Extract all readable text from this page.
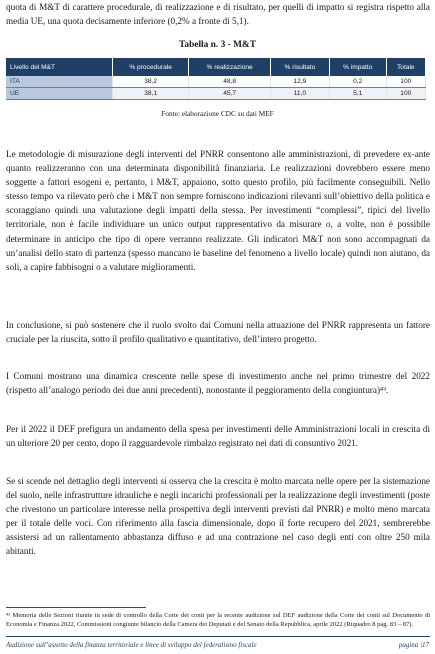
quota di M&T di carattere procedurale, di realizzazione e di risultato, per quelli di impatto si registra rispetto alla media UE, una quota decisamente inferiore (0,2% a fronte di 5,1).

Tabella n. 3 - M&T
Livello del M&T	% procedurale	% realizzazione	% risultato	% impatto	Totale
ITA	38,2	48,8	12,9	0,2	100
UE	38,1	45,7	11,0	5,1	100
Fonte: elaborazione CDC su dati MEF

Le metodologie di misurazione degli interventi del PNRR consentono alle amministrazioni, di prevedere ex-ante quanto realizzeranno con una determinata disponibilità finanziaria. Le realizzazioni dovrebbero essere meno soggette a fattori esogeni e, pertanto, i M&T, appaiono, sotto questo profilo, più facilmente conseguibili. Nello stesso tempo va rilevato però che i M&T non sempre forniscono indicazioni rilevanti sull’obiettivo della politica e scoraggiano quindi una valutazione degli impatti della stessa. Per investimenti “complessi”, tipici del livello territoriale, non è facile individuare un unico output rappresentativo da misurare o, a volte, non è possibile determinare in anticipo che tipo di opere verranno realizzate. Gli indicatori M&T non sono accompagnati da un’analisi dello stato di partenza (spesso mancano le baseline del fenomeno a livello locale) quindi non aiutano, da soli, a capire fabbisogni o a valutare miglioramenti.

In conclusione, si può sostenere che il ruolo svolto dai Comuni nella attuazione del PNRR rappresenta un fattore cruciale per la riuscita, sotto il profilo qualitativo e quantitativo, dell’intero progetto.

I Comuni mostrano una dinamica crescente nelle spese di investimento anche nel primo trimestre del 2022 (rispetto all’analogo periodo dei due anni precedenti), nonostante il peggioramento della congiuntura)⁴³.

Per il 2022 il DEF prefigura un andamento della spesa per investimenti delle Amministrazioni locali in crescita di un ulteriore 20 per cento, dopo il ragguardevole rimbalzo registrato nei dati di consuntivo 2021.

Se si scende nel dettaglio degli interventi si osserva che la crescita è molto marcata nelle opere per la sistemazione del suolo, nelle infrastrutture idrauliche e negli incarichi professionali per la realizzazione degli investimenti (poste che rivestono un particolare interesse nella prospettiva degli interventi previsti dal PNRR) e molto meno marcata per il totale delle voci. Con riferimento alla fascia dimensionale, dopo il forte recupero del 2021, sembrerebbe assistersi ad un rallentamento abbastanza diffuso e ad una contrazione nel caso degli enti con oltre 250 mila abitanti.

⁴³ Memoria delle Sezioni riunite in sede di controllo della Corte dei conti per la recente audizione sul DEF audizione della Corte dei conti sul Documento di Economia e Finanza 2022, Commissioni congiunte bilancio della Camera dei Deputati e del Senato della Repubblica, aprile 2022 (Riquadro 8 pag. 83 – 87).

Audizione sull’assetto della finanza territoriale e linee di sviluppo del federalismo fiscale	pagina |17
